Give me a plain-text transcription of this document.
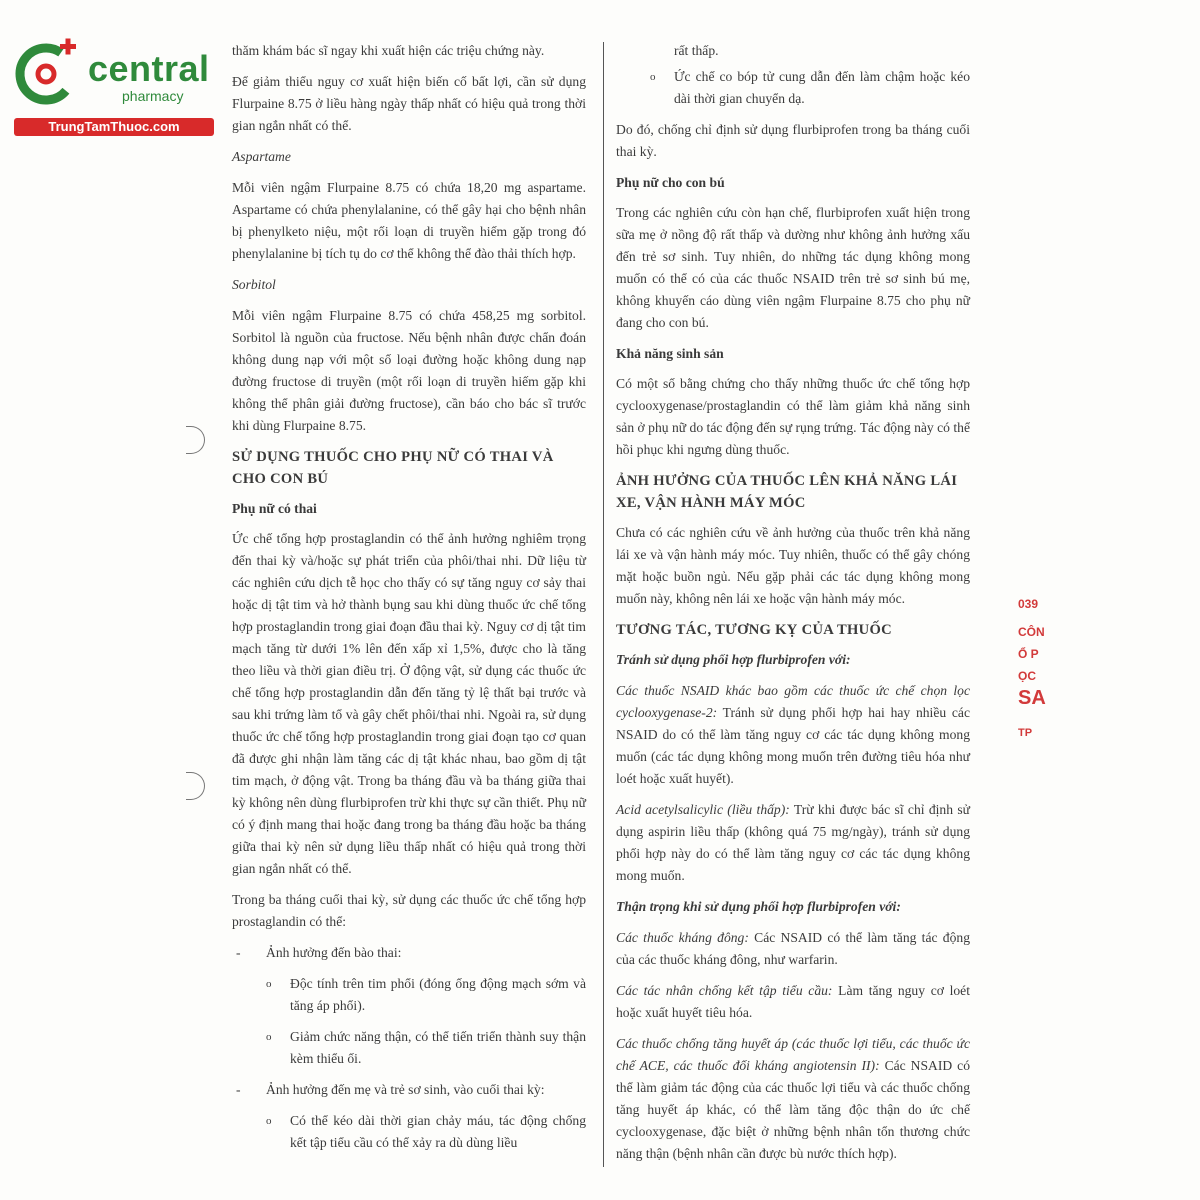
central
pharmacy
TrungTamThuoc.com

thăm khám bác sĩ ngay khi xuất hiện các triệu chứng này.

Để giảm thiểu nguy cơ xuất hiện biến cố bất lợi, cần sử dụng Flurpaine 8.75 ở liều hàng ngày thấp nhất có hiệu quả trong thời gian ngắn nhất có thể.

Aspartame

Mỗi viên ngậm Flurpaine 8.75 có chứa 18,20 mg aspartame. Aspartame có chứa phenylalanine, có thể gây hại cho bệnh nhân bị phenylketo niệu, một rối loạn di truyền hiếm gặp trong đó phenylalanine bị tích tụ do cơ thể không thể đào thải thích hợp.

Sorbitol

Mỗi viên ngậm Flurpaine 8.75 có chứa 458,25 mg sorbitol. Sorbitol là nguồn của fructose. Nếu bệnh nhân được chẩn đoán không dung nạp với một số loại đường hoặc không dung nạp đường fructose di truyền (một rối loạn di truyền hiếm gặp khi không thể phân giải đường fructose), cần báo cho bác sĩ trước khi dùng Flurpaine 8.75.

SỬ DỤNG THUỐC CHO PHỤ NỮ CÓ THAI VÀ CHO CON BÚ
Phụ nữ có thai

Ức chế tổng hợp prostaglandin có thể ảnh hưởng nghiêm trọng đến thai kỳ và/hoặc sự phát triển của phôi/thai nhi. Dữ liệu từ các nghiên cứu dịch tễ học cho thấy có sự tăng nguy cơ sảy thai hoặc dị tật tim và hở thành bụng sau khi dùng thuốc ức chế tổng hợp prostaglandin trong giai đoạn đầu thai kỳ. Nguy cơ dị tật tim mạch tăng từ dưới 1% lên đến xấp xỉ 1,5%, được cho là tăng theo liều và thời gian điều trị. Ở động vật, sử dụng các thuốc ức chế tổng hợp prostaglandin dẫn đến tăng tỷ lệ thất bại trước và sau khi trứng làm tổ và gây chết phôi/thai nhi. Ngoài ra, sử dụng thuốc ức chế tổng hợp prostaglandin trong giai đoạn tạo cơ quan đã được ghi nhận làm tăng các dị tật khác nhau, bao gồm dị tật tim mạch, ở động vật. Trong ba tháng đầu và ba tháng giữa thai kỳ không nên dùng flurbiprofen trừ khi thực sự cần thiết. Phụ nữ có ý định mang thai hoặc đang trong ba tháng đầu hoặc ba tháng giữa thai kỳ nên sử dụng liều thấp nhất có hiệu quả trong thời gian ngắn nhất có thể.

Trong ba tháng cuối thai kỳ, sử dụng các thuốc ức chế tổng hợp prostaglandin có thể:

- Ảnh hưởng đến bào thai:
o Độc tính trên tim phổi (đóng ống động mạch sớm và tăng áp phổi).
o Giảm chức năng thận, có thể tiến triển thành suy thận kèm thiểu ối.
- Ảnh hưởng đến mẹ và trẻ sơ sinh, vào cuối thai kỳ:
o Có thể kéo dài thời gian chảy máu, tác động chống kết tập tiểu cầu có thể xảy ra dù dùng liều
rất thấp.
o Ức chế co bóp tử cung dẫn đến làm chậm hoặc kéo dài thời gian chuyển dạ.

Do đó, chống chỉ định sử dụng flurbiprofen trong ba tháng cuối thai kỳ.

Phụ nữ cho con bú

Trong các nghiên cứu còn hạn chế, flurbiprofen xuất hiện trong sữa mẹ ở nồng độ rất thấp và dường như không ảnh hưởng xấu đến trẻ sơ sinh. Tuy nhiên, do những tác dụng không mong muốn có thể có của các thuốc NSAID trên trẻ sơ sinh bú mẹ, không khuyến cáo dùng viên ngậm Flurpaine 8.75 cho phụ nữ đang cho con bú.

Khả năng sinh sản

Có một số bằng chứng cho thấy những thuốc ức chế tổng hợp cyclooxygenase/prostaglandin có thể làm giảm khả năng sinh sản ở phụ nữ do tác động đến sự rụng trứng. Tác động này có thể hồi phục khi ngưng dùng thuốc.

ẢNH HƯỞNG CỦA THUỐC LÊN KHẢ NĂNG LÁI XE, VẬN HÀNH MÁY MÓC

Chưa có các nghiên cứu về ảnh hưởng của thuốc trên khả năng lái xe và vận hành máy móc. Tuy nhiên, thuốc có thể gây chóng mặt hoặc buồn ngủ. Nếu gặp phải các tác dụng không mong muốn này, không nên lái xe hoặc vận hành máy móc.

TƯƠNG TÁC, TƯƠNG KỴ CỦA THUỐC

Tránh sử dụng phối hợp flurbiprofen với:

Các thuốc NSAID khác bao gồm các thuốc ức chế chọn lọc cyclooxygenase-2: Tránh sử dụng phối hợp hai hay nhiều các NSAID do có thể làm tăng nguy cơ các tác dụng không mong muốn (các tác dụng không mong muốn trên đường tiêu hóa như loét hoặc xuất huyết).

Acid acetylsalicylic (liều thấp): Trừ khi được bác sĩ chỉ định sử dụng aspirin liều thấp (không quá 75 mg/ngày), tránh sử dụng phối hợp này do có thể làm tăng nguy cơ các tác dụng không mong muốn.

Thận trọng khi sử dụng phối hợp flurbiprofen với:

Các thuốc kháng đông: Các NSAID có thể làm tăng tác động của các thuốc kháng đông, như warfarin.

Các tác nhân chống kết tập tiểu cầu: Làm tăng nguy cơ loét hoặc xuất huyết tiêu hóa.

Các thuốc chống tăng huyết áp (các thuốc lợi tiểu, các thuốc ức chế ACE, các thuốc đối kháng angiotensin II): Các NSAID có thể làm giảm tác động của các thuốc lợi tiểu và các thuốc chống tăng huyết áp khác, có thể làm tăng độc thận do ức chế cyclooxygenase, đặc biệt ở những bệnh nhân tổn thương chức năng thận (bệnh nhân cần được bù nước thích hợp).

039
CÔN
Ổ P
ỌC
SA
TP
